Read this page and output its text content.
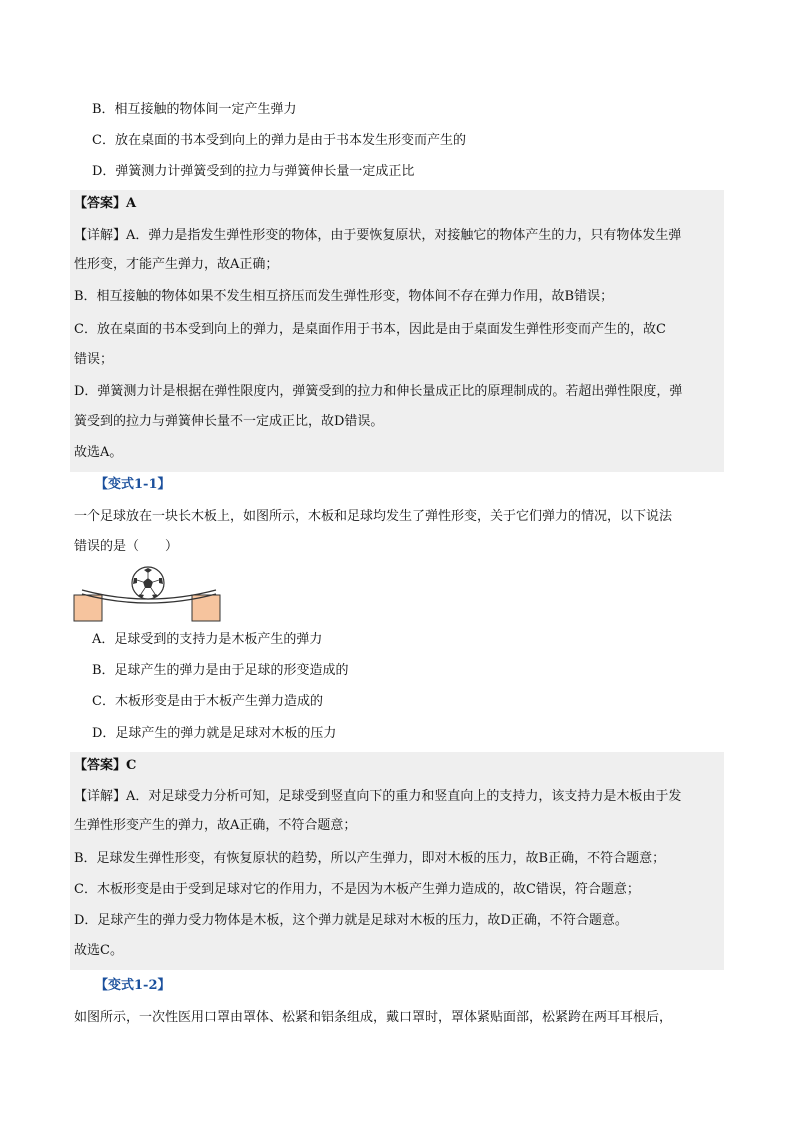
B．相互接触的物体间一定产生弹力
C．放在桌面的书本受到向上的弹力是由于书本发生形变而产生的
D．弹簧测力计弹簧受到的拉力与弹簧伸长量一定成正比
【答案】A
【详解】A．弹力是指发生弹性形变的物体，由于要恢复原状，对接触它的物体产生的力，只有物体发生弹
性形变，才能产生弹力，故A正确；
B．相互接触的物体如果不发生相互挤压而发生弹性形变，物体间不存在弹力作用，故B错误；
C．放在桌面的书本受到向上的弹力，是桌面作用于书本，因此是由于桌面发生弹性形变而产生的，故C
错误；
D．弹簧测力计是根据在弹性限度内，弹簧受到的拉力和伸长量成正比的原理制成的。若超出弹性限度，弹
簧受到的拉力与弹簧伸长量不一定成正比，故D错误。
故选A。
【变式1-1】
一个足球放在一块长木板上，如图所示，木板和足球均发生了弹性形变，关于它们弹力的情况，以下说法
错误的是（　　）
A．足球受到的支持力是木板产生的弹力
B．足球产生的弹力是由于足球的形变造成的
C．木板形变是由于木板产生弹力造成的
D．足球产生的弹力就是足球对木板的压力
【答案】C
【详解】A．对足球受力分析可知，足球受到竖直向下的重力和竖直向上的支持力，该支持力是木板由于发
生弹性形变产生的弹力，故A正确，不符合题意；
B．足球发生弹性形变，有恢复原状的趋势，所以产生弹力，即对木板的压力，故B正确，不符合题意；
C．木板形变是由于受到足球对它的作用力，不是因为木板产生弹力造成的，故C错误，符合题意；
D．足球产生的弹力受力物体是木板，这个弹力就是足球对木板的压力，故D正确，不符合题意。
故选C。
【变式1-2】
如图所示，一次性医用口罩由罩体、松紧和铝条组成，戴口罩时，罩体紧贴面部，松紧跨在两耳耳根后，
